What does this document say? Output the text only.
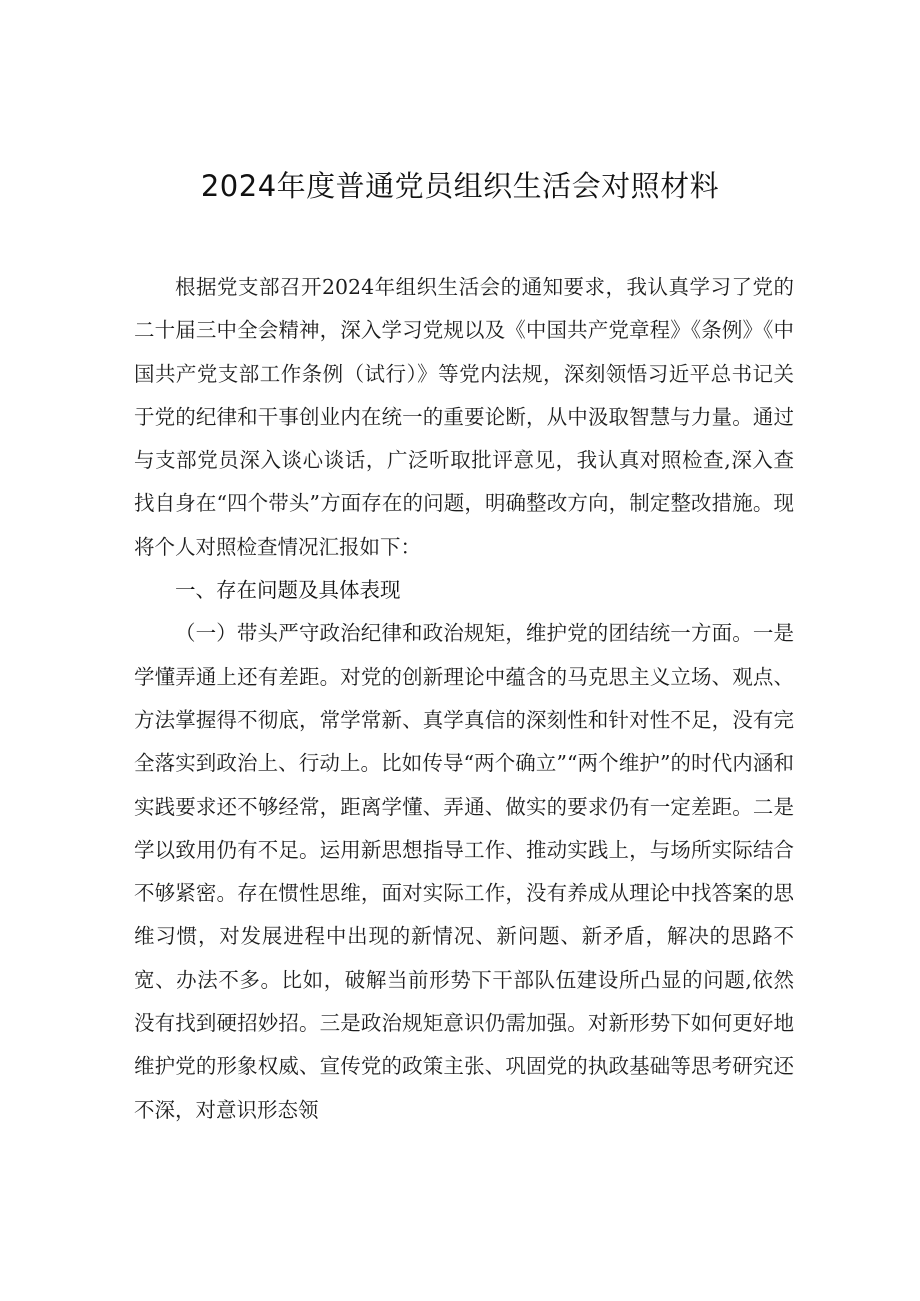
2024年度普通党员组织生活会对照材料

根据党支部召开2024年组织生活会的通知要求，我认真学习了党的二十届三中全会精神，深入学习党规以及《中国共产党章程》《条例》《中国共产党支部工作条例（试行）》等党内法规，深刻领悟习近平总书记关于党的纪律和干事创业内在统一的重要论断，从中汲取智慧与力量。通过与支部党员深入谈心谈话，广泛听取批评意见，我认真对照检查,深入查找自身在“四个带头”方面存在的问题，明确整改方向，制定整改措施。现将个人对照检查情况汇报如下：

一、存在问题及具体表现

（一）带头严守政治纪律和政治规矩，维护党的团结统一方面。一是学懂弄通上还有差距。对党的创新理论中蕴含的马克思主义立场、观点、方法掌握得不彻底，常学常新、真学真信的深刻性和针对性不足，没有完全落实到政治上、行动上。比如传导“两个确立”“两个维护”的时代内涵和实践要求还不够经常，距离学懂、弄通、做实的要求仍有一定差距。二是学以致用仍有不足。运用新思想指导工作、推动实践上，与场所实际结合不够紧密。存在惯性思维，面对实际工作，没有养成从理论中找答案的思维习惯，对发展进程中出现的新情况、新问题、新矛盾，解决的思路不宽、办法不多。比如，破解当前形势下干部队伍建设所凸显的问题,依然没有找到硬招妙招。三是政治规矩意识仍需加强。对新形势下如何更好地维护党的形象权威、宣传党的政策主张、巩固党的执政基础等思考研究还不深，对意识形态领
